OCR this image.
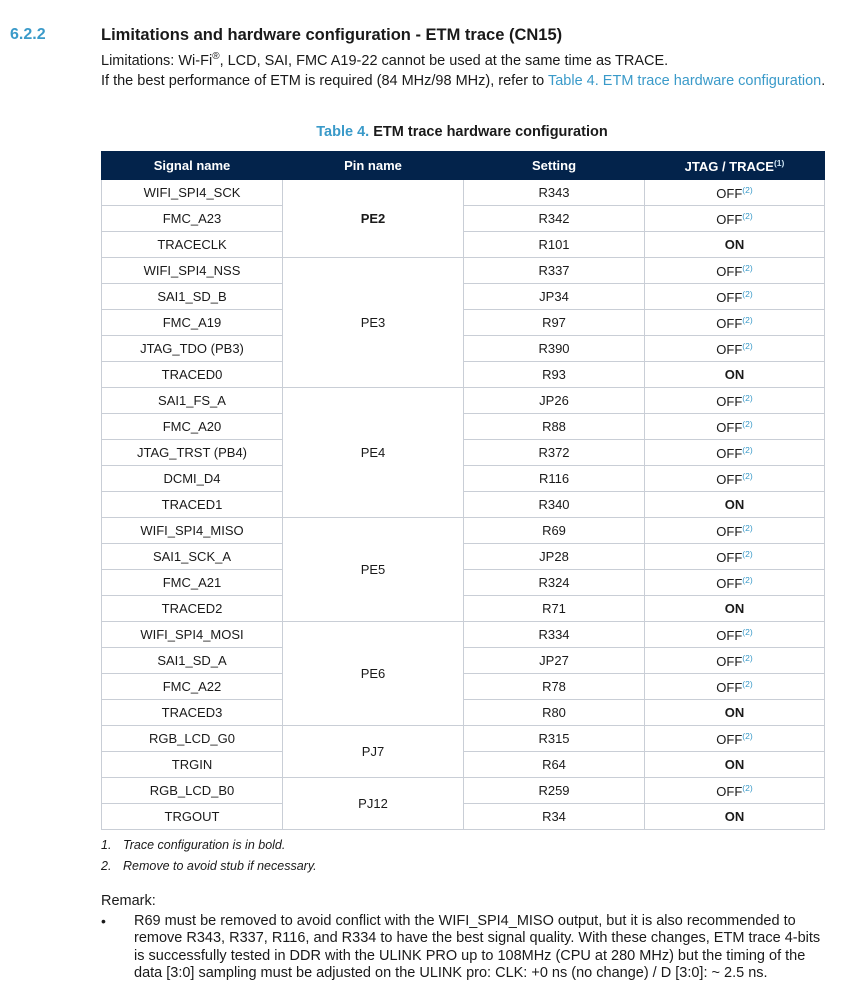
6.2.2	Limitations and hardware configuration - ETM trace (CN15)
Limitations: Wi-Fi®, LCD, SAI, FMC A19-22 cannot be used at the same time as TRACE.
If the best performance of ETM is required (84 MHz/98 MHz), refer to Table 4. ETM trace hardware configuration.
Table 4. ETM trace hardware configuration
Signal name	Pin name	Setting	JTAG / TRACE$^{(1)}$
WIFI_SPI4_SCK	PE2	R343	OFF$^{(2)}$
FMC_A23		R342	OFF$^{(2)}$
TRACECLK		R101	ON
WIFI_SPI4_NSS	PE3	R337	OFF$^{(2)}$
SAI1_SD_B		JP34	OFF$^{(2)}$
FMC_A19		R97	OFF$^{(2)}$
JTAG_TDO (PB3)		R390	OFF$^{(2)}$
TRACED0		R93	ON
SAI1_FS_A	PE4	JP26	OFF$^{(2)}$
FMC_A20		R88	OFF$^{(2)}$
JTAG_TRST (PB4)		R372	OFF$^{(2)}$
DCMI_D4		R116	OFF$^{(2)}$
TRACED1		R340	ON
WIFI_SPI4_MISO	PE5	R69	OFF$^{(2)}$
SAI1_SCK_A		JP28	OFF$^{(2)}$
FMC_A21		R324	OFF$^{(2)}$
TRACED2		R71	ON
WIFI_SPI4_MOSI	PE6	R334	OFF$^{(2)}$
SAI1_SD_A		JP27	OFF$^{(2)}$
FMC_A22		R78	OFF$^{(2)}$
TRACED3		R80	ON
RGB_LCD_G0	PJ7	R315	OFF$^{(2)}$
TRGIN		R64	ON
RGB_LCD_B0	PJ12	R259	OFF$^{(2)}$
TRGOUT		R34	ON
1. Trace configuration is in bold.
2. Remove to avoid stub if necessary.
Remark:
• R69 must be removed to avoid conflict with the WIFI_SPI4_MISO output, but it is also recommended to remove R343, R337, R116, and R334 to have the best signal quality. With these changes, ETM trace 4-bits is successfully tested in DDR with the ULINK PRO up to 108MHz (CPU at 280 MHz) but the timing of the data [3:0] sampling must be adjusted on the ULINK pro: CLK: +0 ns (no change) / D [3:0]: ~ 2.5 ns.
